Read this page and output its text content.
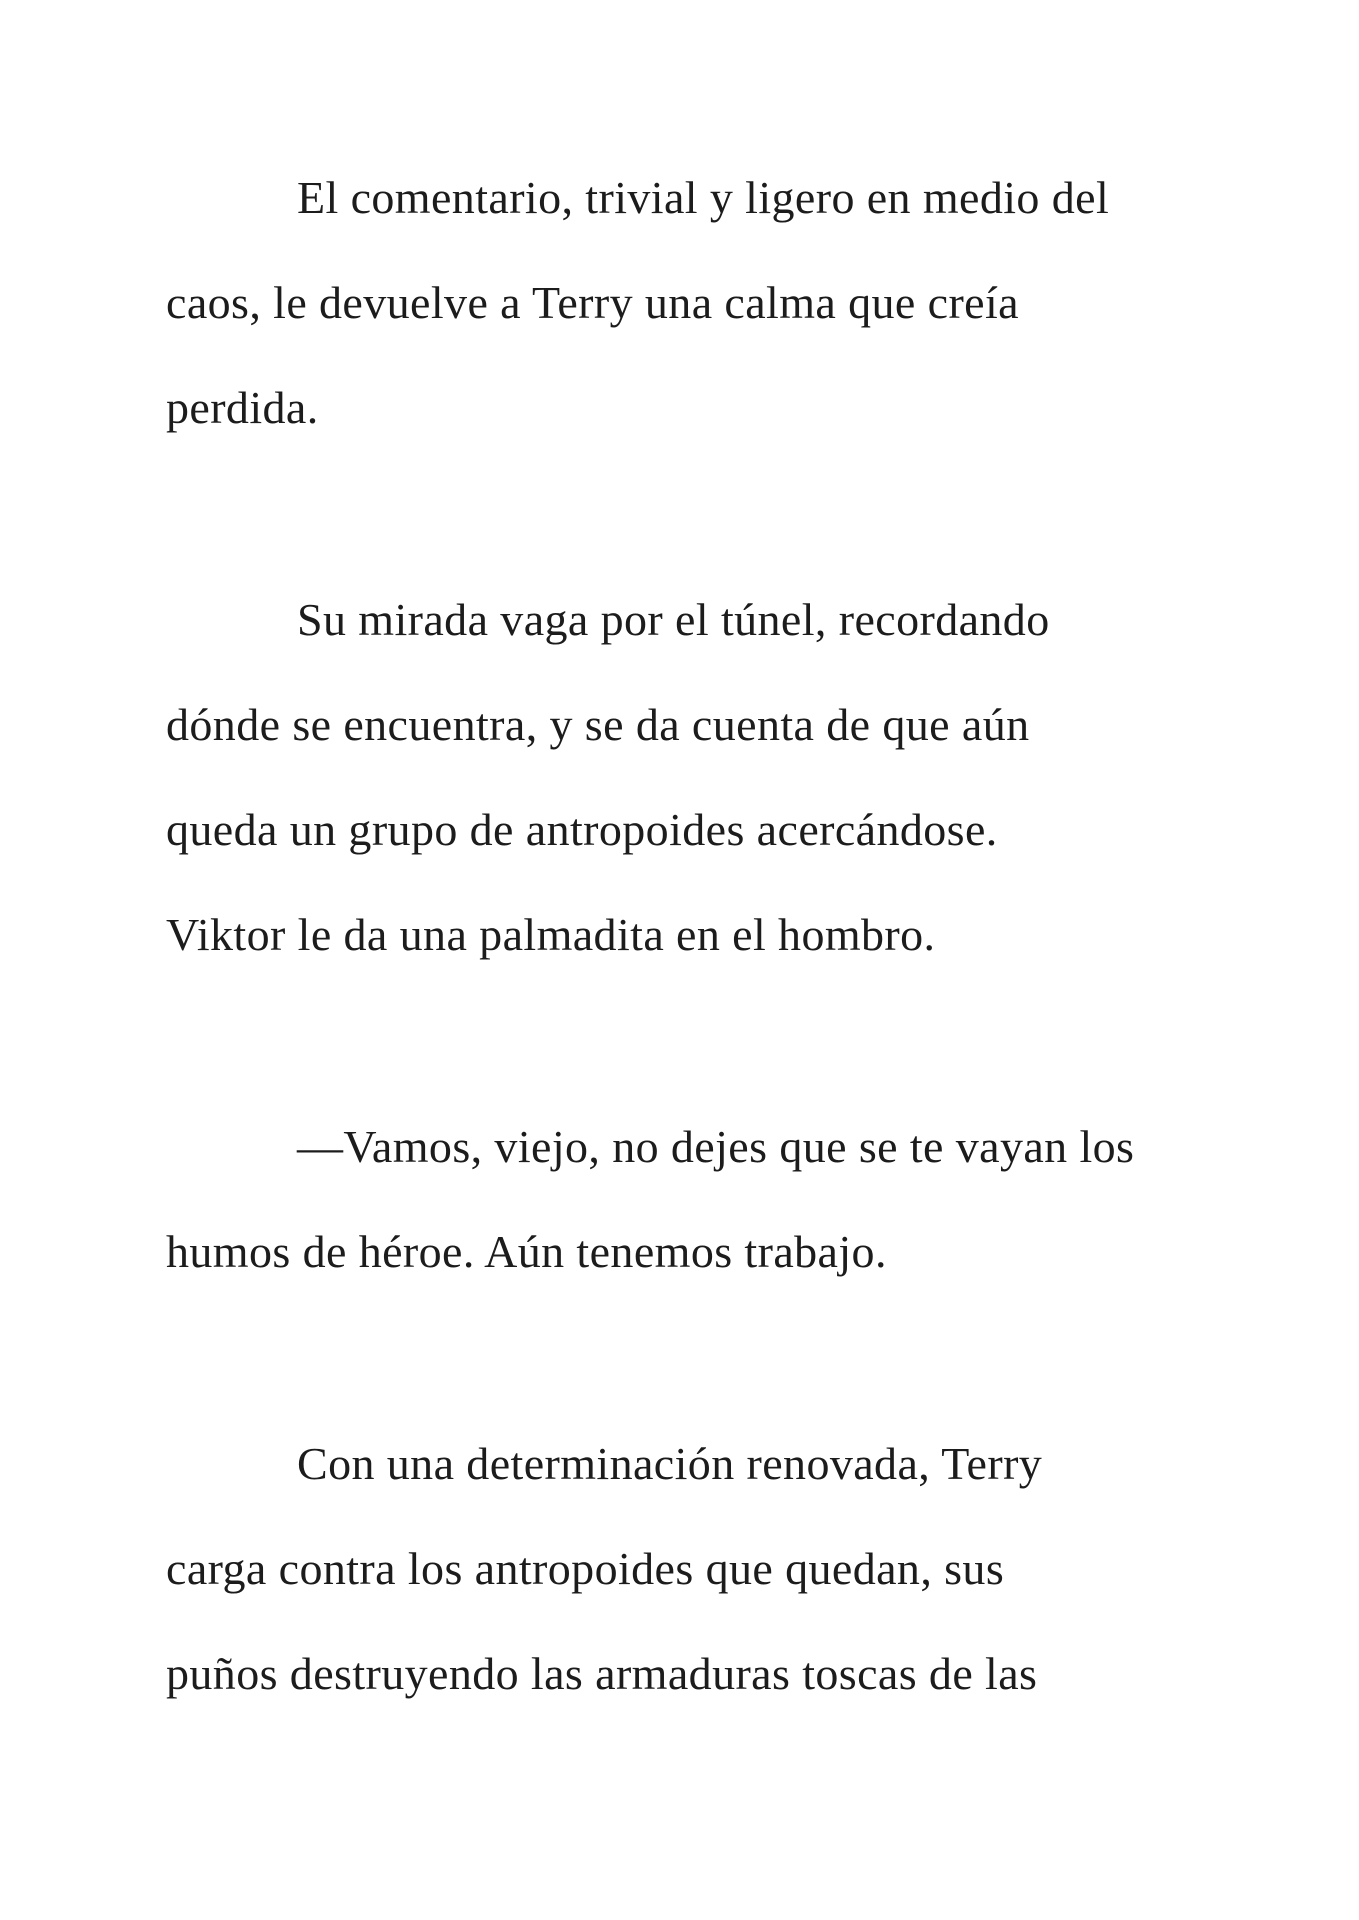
El comentario, trivial y ligero en medio del

caos, le devuelve a Terry una calma que creía

perdida.

Su mirada vaga por el túnel, recordando

dónde se encuentra, y se da cuenta de que aún

queda un grupo de antropoides acercándose.

Viktor le da una palmadita en el hombro.

—Vamos, viejo, no dejes que se te vayan los

humos de héroe. Aún tenemos trabajo.

Con una determinación renovada, Terry

carga contra los antropoides que quedan, sus

puños destruyendo las armaduras toscas de las
